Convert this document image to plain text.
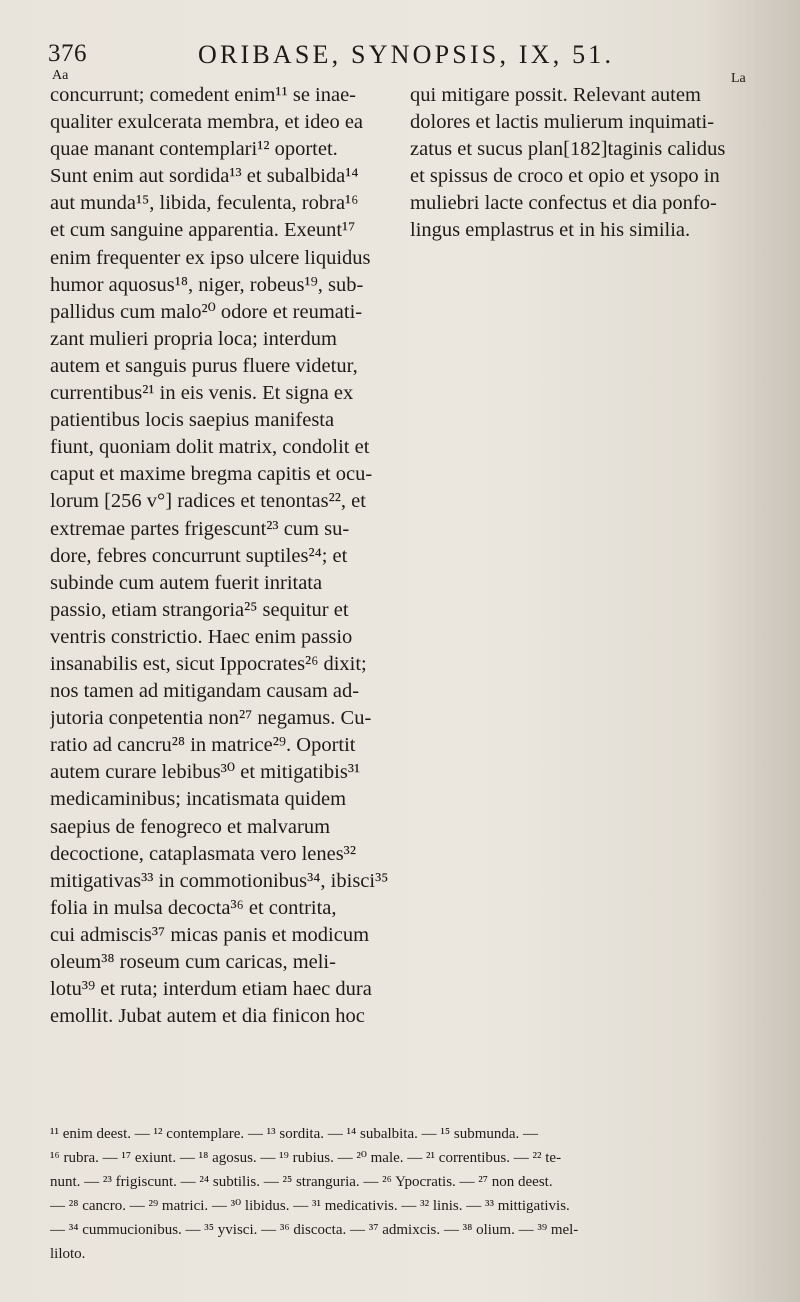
376	ORIBASE, SYNOPSIS, IX, 51.
Aa	La
concurrunt; comedent enim¹¹ se inae-
qualiter exulcerata membra, et ideo ea
quae manant contemplari¹² oportet.
Sunt enim aut sordida¹³ et subalbida¹⁴
aut munda¹⁵, libida, feculenta, robra¹⁶
et cum sanguine apparentia. Exeunt¹⁷
enim frequenter ex ipso ulcere liquidus
humor aquosus¹⁸, niger, robeus¹⁹, sub-
pallidus cum malo²⁰ odore et reumati-
zant mulieri propria loca; interdum
autem et sanguis purus fluere videtur,
currentibus²¹ in eis venis. Et signa ex
patientibus locis saepius manifesta
fiunt, quoniam dolit matrix, condolit et
caput et maxime bregma capitis et ocu-
lorum [256 v°] radices et tenontas²², et
extremae partes frigescunt²³ cum su-
dore, febres concurrunt suptiles²⁴; et
subinde cum autem fuerit inritata
passio, etiam strangoria²⁵ sequitur et
ventris constrictio. Haec enim passio
insanabilis est, sicut Ippocrates²⁶ dixit;
nos tamen ad mitigandam causam ad-
jutoria conpetentia non²⁷ negamus. Cu-
ratio ad cancru²⁸ in matrice²⁹. Oportit
autem curare lebibus³⁰ et mitigatibis³¹
medicaminibus; incatismata quidem
saepius de fenogreco et malvarum
decoctione, cataplasmata vero lenes³²
mitigativas³³ in commotionibus³⁴, ibisci³⁵
folia in mulsa decocta³⁶ et contrita,
cui admiscis³⁷ micas panis et modicum
oleum³⁸ roseum cum caricas, meli-
lotu³⁹ et ruta; interdum etiam haec dura
emollit. Jubat autem et dia finicon hoc
qui mitigare possit. Relevant autem
dolores et lactis mulierum inquimati-
zatus et sucus plan[182]taginis calidus
et spissus de croco et opio et ysopo in
muliebri lacte confectus et dia ponfo-
lingus emplastrus et in his similia.
¹¹ enim deest. — ¹² contemplare. — ¹³ sordita. — ¹⁴ subalbita. — ¹⁵ submunda. —
¹⁶ rubra. — ¹⁷ exiunt. — ¹⁸ agosus. — ¹⁹ rubius. — ²⁰ male. — ²¹ correntibus. — ²² te-
nunt. — ²³ frigiscunt. — ²⁴ subtilis. — ²⁵ stranguria. — ²⁶ Ypocratis. — ²⁷ non deest.
— ²⁸ cancro. — ²⁹ matrici. — ³⁰ libidus. — ³¹ medicativis. — ³² linis. — ³³ mittigativis.
— ³⁴ cummucionibus. — ³⁵ yvisci. — ³⁶ discocta. — ³⁷ admixcis. — ³⁸ olium. — ³⁹ mel-
liloto.
